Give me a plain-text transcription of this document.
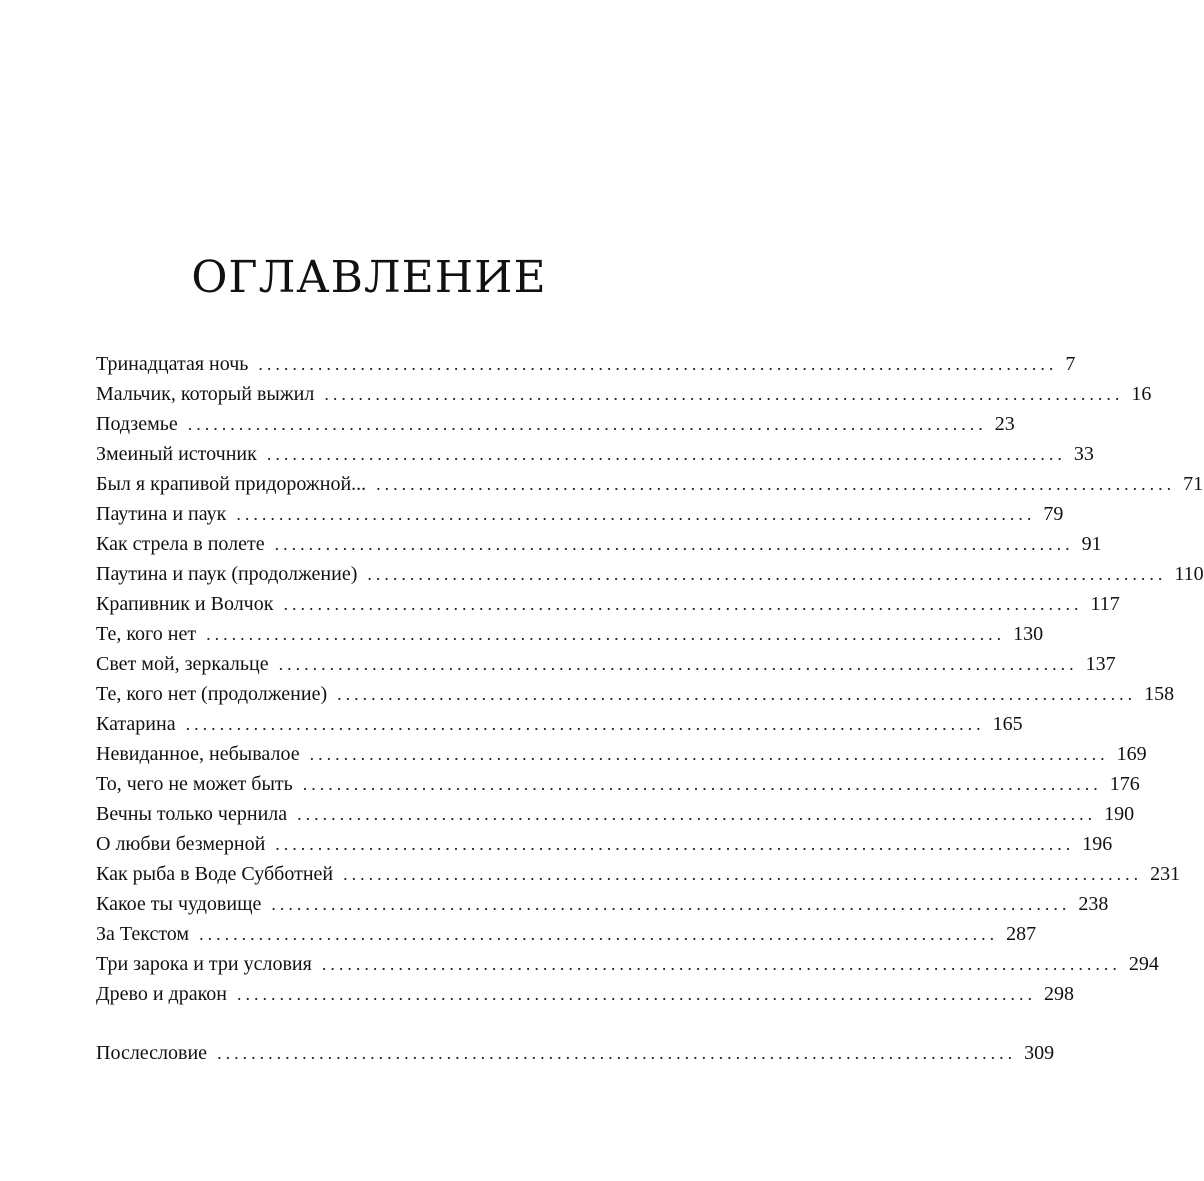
ОГЛАВЛЕНИЕ
Тринадцатая ночь .............................................................................................. 7
Мальчик, который выжил .............................................................................................. 16
Подземье .............................................................................................. 23
Змеиный источник .............................................................................................. 33
Был я крапивой придорожной... .............................................................................................. 71
Паутина и паук .............................................................................................. 79
Как стрела в полете .............................................................................................. 91
Паутина и паук (продолжение) .............................................................................................. 110
Крапивник и Волчок .............................................................................................. 117
Те, кого нет .............................................................................................. 130
Свет мой, зеркальце .............................................................................................. 137
Те, кого нет (продолжение) .............................................................................................. 158
Катарина .............................................................................................. 165
Невиданное, небывалое .............................................................................................. 169
То, чего не может быть .............................................................................................. 176
Вечны только чернила .............................................................................................. 190
О любви безмерной .............................................................................................. 196
Как рыба в Воде Субботней .............................................................................................. 231
Какое ты чудовище .............................................................................................. 238
За Текстом .............................................................................................. 287
Три зарока и три условия .............................................................................................. 294
Древо и дракон .............................................................................................. 298
Послесловие .............................................................................................. 309
